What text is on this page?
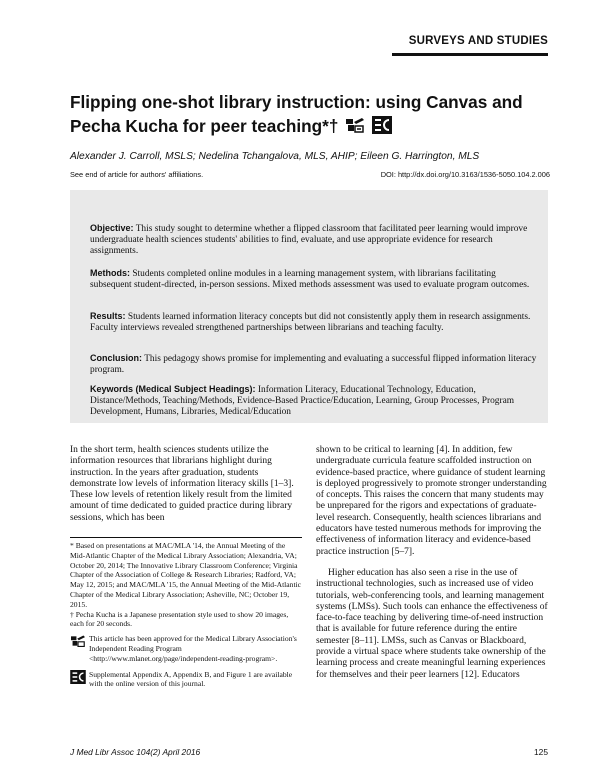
SURVEYS AND STUDIES
Flipping one-shot library instruction: using Canvas and Pecha Kucha for peer teaching*†
Alexander J. Carroll, MSLS; Nedelina Tchangalova, MLS, AHIP; Eileen G. Harrington, MLS
See end of article for authors' affiliations.	DOI: http://dx.doi.org/10.3163/1536-5050.104.2.006

Objective: This study sought to determine whether a flipped classroom that facilitated peer learning would improve undergraduate health sciences students' abilities to find, evaluate, and use appropriate evidence for research assignments.

Methods: Students completed online modules in a learning management system, with librarians facilitating subsequent student-directed, in-person sessions. Mixed methods assessment was used to evaluate program outcomes.

Results: Students learned information literacy concepts but did not consistently apply them in research assignments. Faculty interviews revealed strengthened partnerships between librarians and teaching faculty.

Conclusion: This pedagogy shows promise for implementing and evaluating a successful flipped information literacy program.

Keywords (Medical Subject Headings): Information Literacy, Educational Technology, Education, Distance/Methods, Teaching/Methods, Evidence-Based Practice/Education, Learning, Group Processes, Program Development, Humans, Libraries, Medical/Education

In the short term, health sciences students utilize the information resources that librarians highlight during instruction. In the years after graduation, students demonstrate low levels of information literacy skills [1–3]. These low levels of retention likely result from the limited amount of time dedicated to guided practice during library sessions, which has been

* Based on presentations at MAC/MLA '14, the Annual Meeting of the Mid-Atlantic Chapter of the Medical Library Association; Alexandria, VA; October 20, 2014; The Innovative Library Classroom Conference; Virginia Chapter of the Association of College & Research Libraries; Radford, VA; May 12, 2015; and MAC/MLA '15, the Annual Meeting of the Mid-Atlantic Chapter of the Medical Library Association; Asheville, NC; October 19, 2015.

† Pecha Kucha is a Japanese presentation style used to show 20 images, each for 20 seconds.

This article has been approved for the Medical Library Association's Independent Reading Program <http://www.mlanet.org/page/independent-reading-program>.
Supplemental Appendix A, Appendix B, and Figure 1 are available with the online version of this journal.

shown to be critical to learning [4]. In addition, few undergraduate curricula feature scaffolded instruction on evidence-based practice, where guidance of student learning is deployed progressively to promote stronger understanding of concepts. This raises the concern that many students may be unprepared for the rigors and expectations of graduate-level research. Consequently, health sciences librarians and educators have tested numerous methods for improving the effectiveness of information literacy and evidence-based practice instruction [5–7].

Higher education has also seen a rise in the use of instructional technologies, such as increased use of video tutorials, web-conferencing tools, and learning management systems (LMSs). Such tools can enhance the effectiveness of face-to-face teaching by delivering time-of-need instruction that is available for future reference during the entire semester [8–11]. LMSs, such as Canvas or Blackboard, provide a virtual space where students take ownership of the learning process and create meaningful learning experiences for themselves and their peer learners [12]. Educators

J Med Libr Assoc 104(2) April 2016	125
